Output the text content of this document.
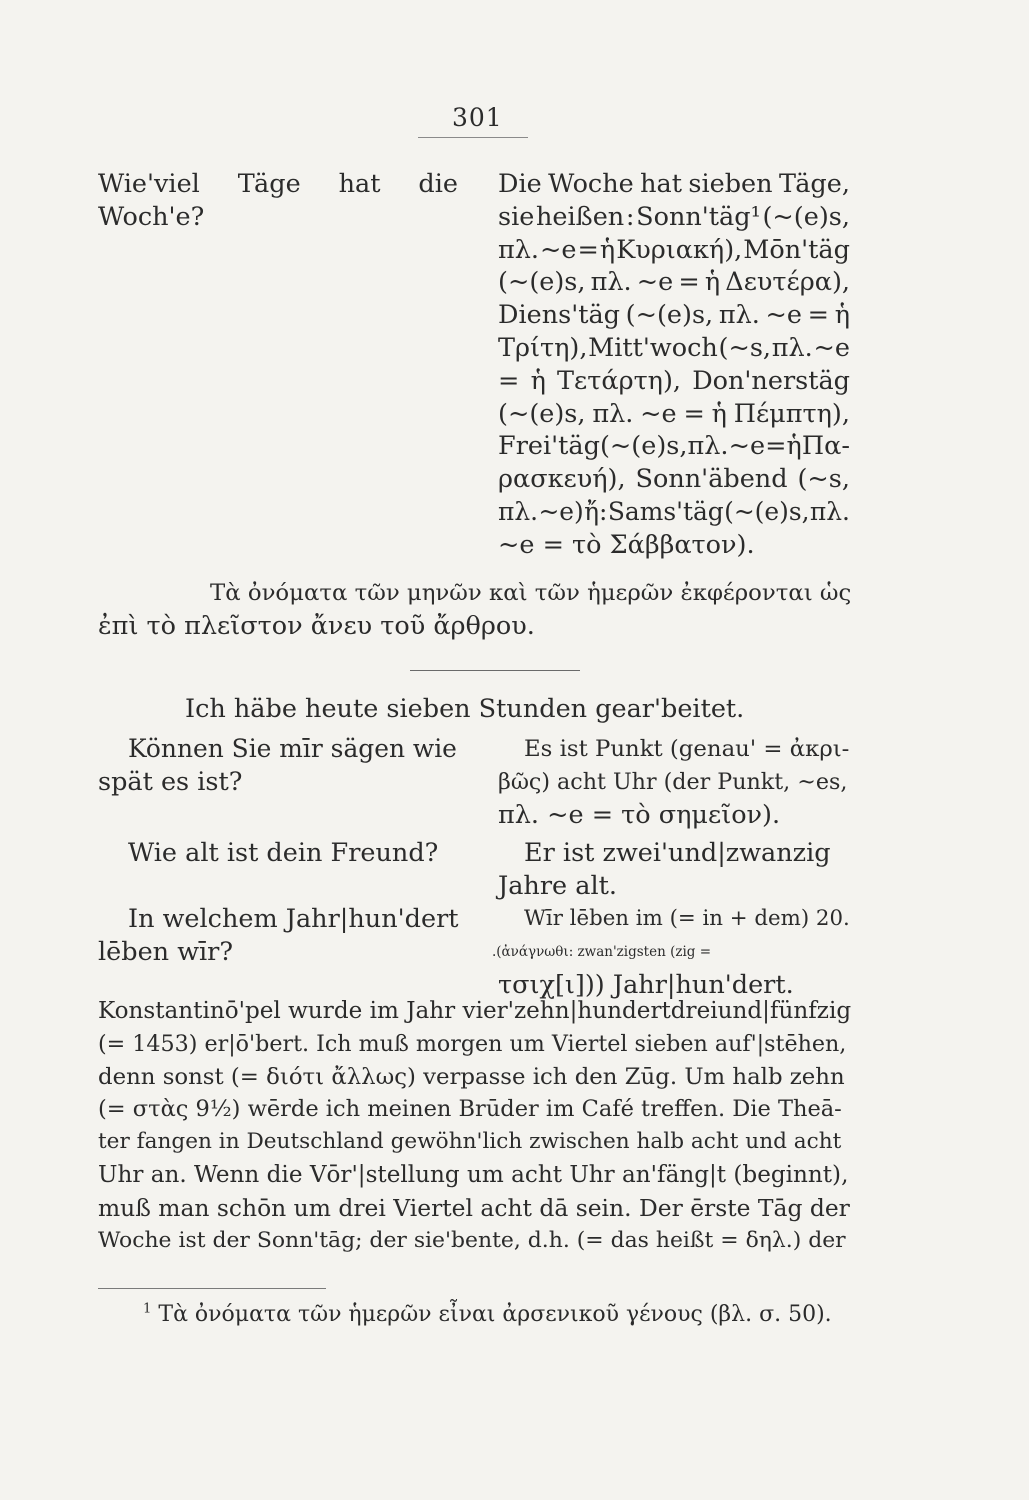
301
Wie'viel Täge hat die
Woch'e?
Die Woche hat sieben Täge,
sie heißen : Sonn'täg¹ (~(e)s,
πλ. ~e = ἡ Κυριακή), Mōn'täg
(~(e)s, πλ. ~e = ἡ Δευτέρα),
Diens'täg (~(e)s, πλ. ~e = ἡ
Τρίτη), Mitt'woch (~s, πλ. ~e
= ἡ Τετάρτη), Don'nerstäg
(~(e)s, πλ. ~e = ἡ Πέμπτη),
Frei'täg (~(e)s, πλ. ~e = ἡ Πα-
ρασκευή), Sonn'äbend (~s,
πλ. ~e) ἤ: Sams'täg (~(e)s, πλ.
~e = τὸ Σάββατον).
Τὰ ὀνόματα τῶν μηνῶν καὶ τῶν ἡμερῶν ἐκφέρονται ὡς
ἐπὶ τὸ πλεῖστον ἄνευ τοῦ ἄρθρου.
Ich häbe heute sieben Stunden gear'beitet.
Können Sie mīr sägen wie
spät es ist?
Es ist Punkt (genau' = ἀκρι-
βῶς) acht Uhr (der Punkt, ~es,
πλ. ~e = τὸ σημεῖον).
Wie alt ist dein Freund?	Er ist zwei'und|zwanzig
Jahre alt.
In welchem Jahr|hun'dert
lēben wīr?
Wīr lēben im (= in + dem) 20.
.(ἀνάγνωθι: zwan'zigsten (zig =
τσιχ[ι])) Jahr|hun'dert.
Konstantinō'pel wurde im Jahr vier'zehn|hundertdreiund|fünfzig
(= 1453) er|ō'bert. Ich muß morgen um Viertel sieben auf'|stēhen,
denn sonst (= διότι ἄλλως) verpasse ich den Zūg. Um halb zehn
(= στὰς 9½) wērde ich meinen Brūder im Café treffen. Die Theā-
ter fangen in Deutschland gewöhn'lich zwischen halb acht und acht
Uhr an. Wenn die Vōr'|stellung um acht Uhr an'fäng|t (beginnt),
muß man schōn um drei Viertel acht dā sein. Der ērste Tāg der
Woche ist der Sonn'tāg; der sie'bente, d.h. (= das heißt = δηλ.) der
$^1$ Τὰ ὀνόματα τῶν ἡμερῶν εἶναι ἀρσενικοῦ γένους (βλ. σ. 50).
